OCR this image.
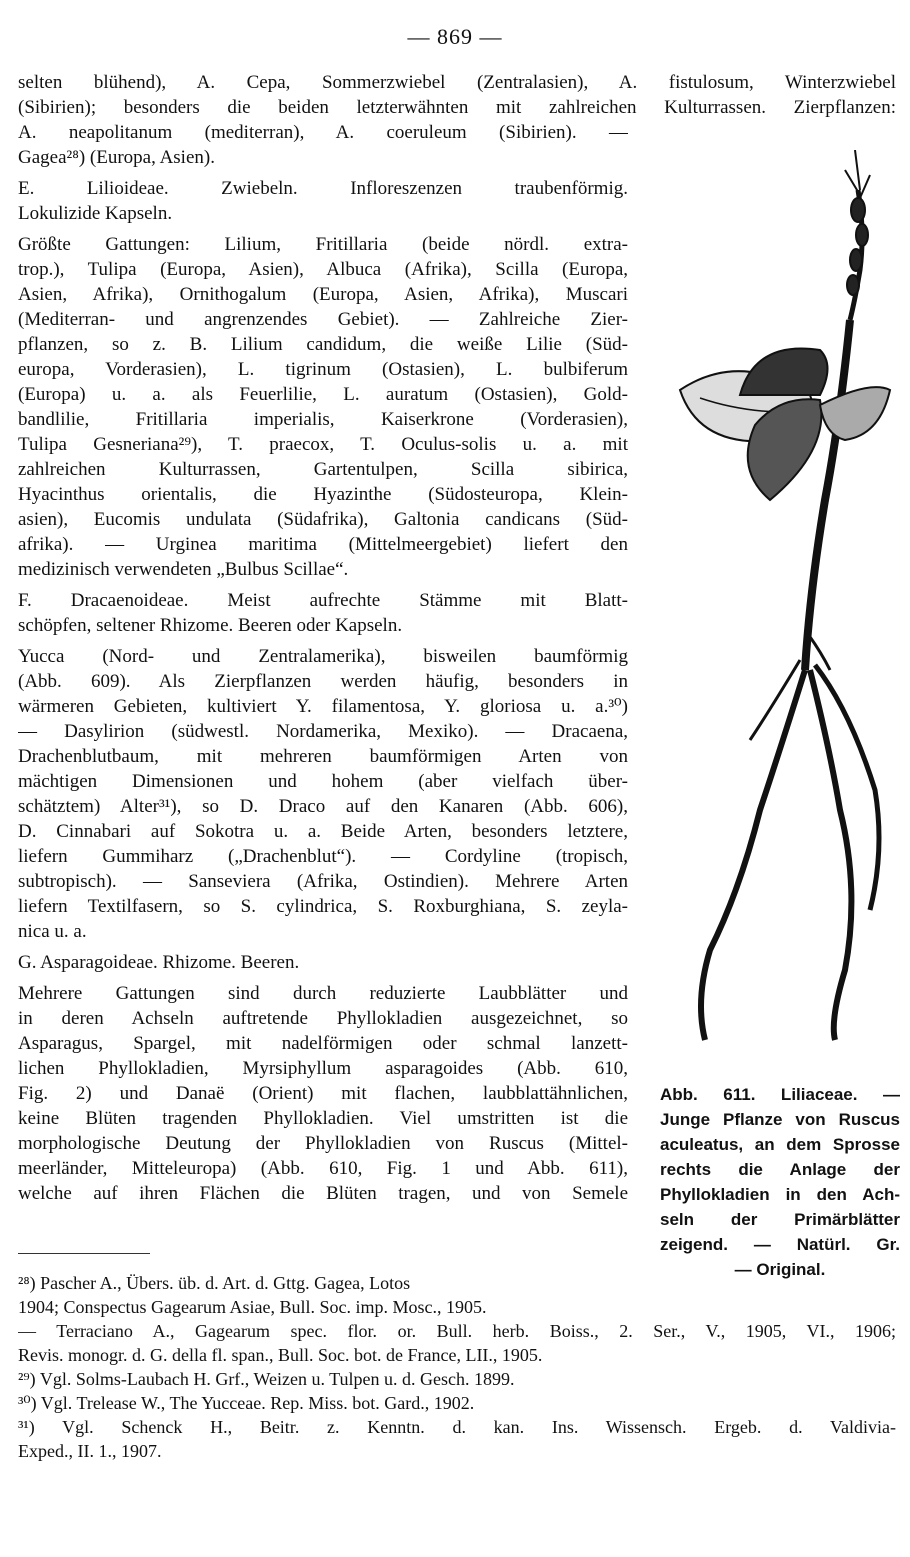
— 869 —
selten blühend), A. Cepa, Sommerzwiebel (Zentralasien), A. fistulosum, Winterzwiebel
(Sibirien); besonders die beiden letzterwähnten mit zahlreichen Kulturrassen. Zierpflanzen:
A. neapolitanum (mediterran), A. coeruleum (Sibirien). —
Gagea²⁸) (Europa, Asien).
E. Lilioideae. Zwiebeln. Infloreszenzen traubenförmig.
Lokulizide Kapseln.
Größte Gattungen: Lilium, Fritillaria (beide nördl. extra-
trop.), Tulipa (Europa, Asien), Albuca (Afrika), Scilla (Europa,
Asien, Afrika), Ornithogalum (Europa, Asien, Afrika), Muscari
(Mediterran- und angrenzendes Gebiet). — Zahlreiche Zier-
pflanzen, so z. B. Lilium candidum, die weiße Lilie (Süd-
europa, Vorderasien), L. tigrinum (Ostasien), L. bulbiferum
(Europa) u. a. als Feuerlilie, L. auratum (Ostasien), Gold-
bandlilie, Fritillaria imperialis, Kaiserkrone (Vorderasien),
Tulipa Gesneriana²⁹), T. praecox, T. Oculus-solis u. a. mit
zahlreichen Kulturrassen, Gartentulpen, Scilla sibirica,
Hyacinthus orientalis, die Hyazinthe (Südosteuropa, Klein-
asien), Eucomis undulata (Südafrika), Galtonia candicans (Süd-
afrika). — Urginea maritima (Mittelmeergebiet) liefert den
medizinisch verwendeten „Bulbus Scillae“.
F. Dracaenoideae. Meist aufrechte Stämme mit Blatt-
schöpfen, seltener Rhizome. Beeren oder Kapseln.
Yucca (Nord- und Zentralamerika), bisweilen baumförmig
(Abb. 609). Als Zierpflanzen werden häufig, besonders in
wärmeren Gebieten, kultiviert Y. filamentosa, Y. gloriosa u. a.³⁰)
— Dasylirion (südwestl. Nordamerika, Mexiko). — Dracaena,
Drachenblutbaum, mit mehreren baumförmigen Arten von
mächtigen Dimensionen und hohem (aber vielfach über-
schätztem) Alter³¹), so D. Draco auf den Kanaren (Abb. 606),
D. Cinnabari auf Sokotra u. a. Beide Arten, besonders letztere,
liefern Gummiharz („Drachenblut“). — Cordyline (tropisch,
subtropisch). — Sanseviera (Afrika, Ostindien). Mehrere Arten
liefern Textilfasern, so S. cylindrica, S. Roxburghiana, S. zeyla-
nica u. a.
G. Asparagoideae. Rhizome. Beeren.
Mehrere Gattungen sind durch reduzierte Laubblätter und
in deren Achseln auftretende Phyllokladien ausgezeichnet, so
Asparagus, Spargel, mit nadelförmigen oder schmal lanzett-
lichen Phyllokladien, Myrsiphyllum asparagoides (Abb. 610,
Fig. 2) und Danaë (Orient) mit flachen, laubblattähnlichen,
keine Blüten tragenden Phyllokladien. Viel umstritten ist die
morphologische Deutung der Phyllokladien von Ruscus (Mittel-
meerländer, Mitteleuropa) (Abb. 610, Fig. 1 und Abb. 611),
welche auf ihren Flächen die Blüten tragen, und von Semele
Abb. 611. Liliaceae. —
Junge Pflanze von Ruscus
aculeatus, an dem Sprosse
rechts die Anlage der
Phyllokladien in den Ach-
seln der Primärblätter
zeigend. — Natürl. Gr.
— Original.
²⁸) Pascher A., Übers. üb. d. Art. d. Gttg. Gagea, Lotos
1904; Conspectus Gagearum Asiae, Bull. Soc. imp. Mosc., 1905.
— Terraciano A., Gagearum spec. flor. or. Bull. herb. Boiss., 2. Ser., V., 1905, VI., 1906;
Revis. monogr. d. G. della fl. span., Bull. Soc. bot. de France, LII., 1905.
²⁹) Vgl. Solms-Laubach H. Grf., Weizen u. Tulpen u. d. Gesch. 1899.
³⁰) Vgl. Trelease W., The Yucceae. Rep. Miss. bot. Gard., 1902.
³¹) Vgl. Schenck H., Beitr. z. Kenntn. d. kan. Ins. Wissensch. Ergeb. d. Valdivia-
Exped., II. 1., 1907.
